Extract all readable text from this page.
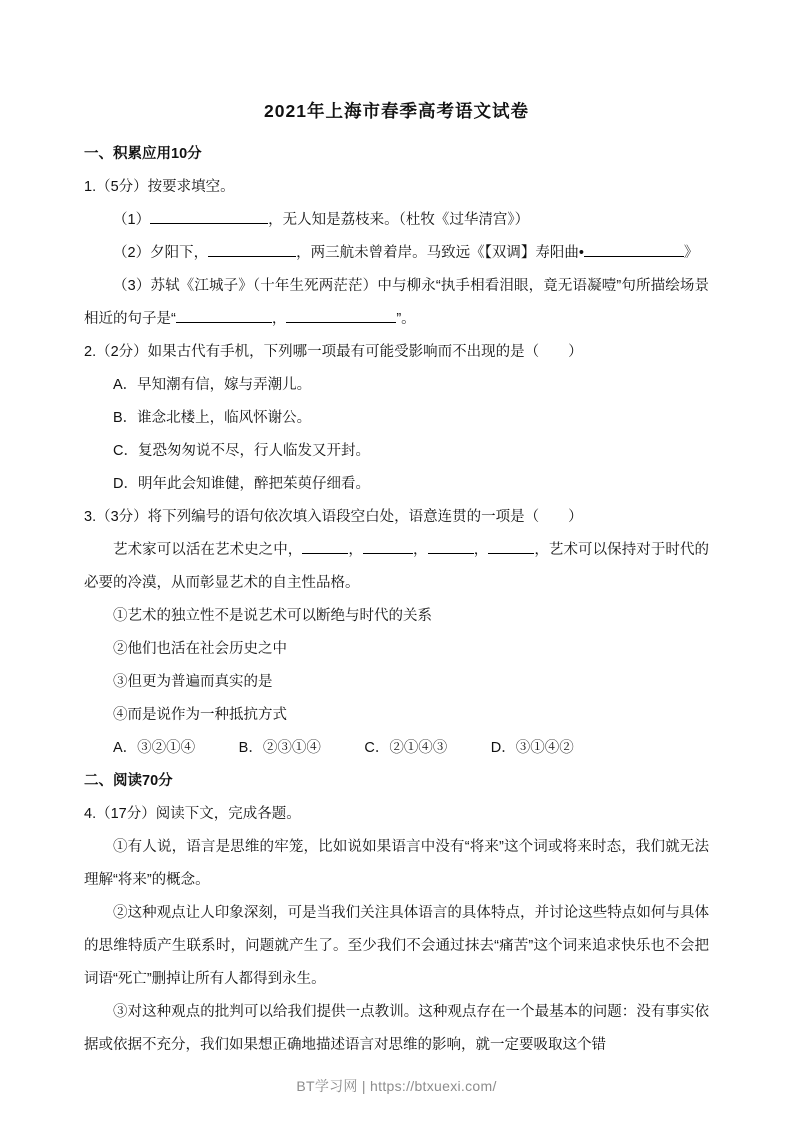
2021年上海市春季高考语文试卷
一、积累应用10分
1.（5分）按要求填空。
（1）	，无人知是荔枝来。（杜牧《过华清宫》）
（2）夕阳下，	，两三航未曾着岸。马致远《【双调】寿阳曲•	》
（3）苏轼《江城子》（十年生死两茫茫）中与柳永“执手相看泪眼，竟无语凝噎”句所描绘场景相近的句子是“	，	”。
2.（2分）如果古代有手机，下列哪一项最有可能受影响而不出现的是（　　）
A．早知潮有信，嫁与弄潮儿。
B．谁念北楼上，临风怀谢公。
C．复恐匆匆说不尽，行人临发又开封。
D．明年此会知谁健，醉把茱萸仔细看。
3.（3分）将下列编号的语句依次填入语段空白处，语意连贯的一项是（　　）
艺术家可以活在艺术史之中，	，	，	，	，艺术可以保持对于时代的必要的冷漠，从而彰显艺术的自主性品格。
①艺术的独立性不是说艺术可以断绝与时代的关系
②他们也活在社会历史之中
③但更为普遍而真实的是
④而是说作为一种抵抗方式
A．③②①④　　　B．②③①④　　　C．②①④③　　　D．③①④②
二、阅读70分
4.（17分）阅读下文，完成各题。
①有人说，语言是思维的牢笼，比如说如果语言中没有“将来”这个词或将来时态，我们就无法理解“将来”的概念。
②这种观点让人印象深刻，可是当我们关注具体语言的具体特点，并讨论这些特点如何与具体的思维特质产生联系时，问题就产生了。至少我们不会通过抹去“痛苦”这个词来追求快乐也不会把词语“死亡”删掉让所有人都得到永生。
③对这种观点的批判可以给我们提供一点教训。这种观点存在一个最基本的问题：没有事实依据或依据不充分，我们如果想正确地描述语言对思维的影响，就一定要吸取这个错
BT学习网 | https://btxuexi.com/
